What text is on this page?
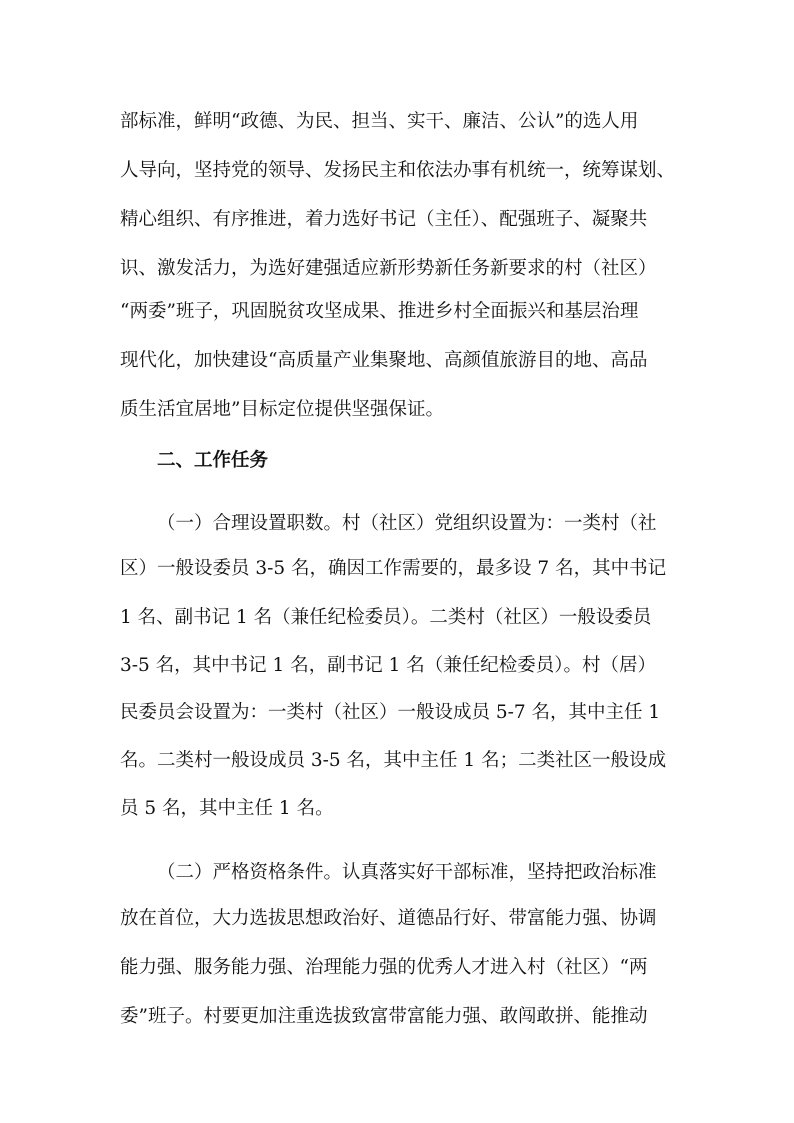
部标准，鲜明“政德、为民、担当、实干、廉洁、公认”的选人用
人导向，坚持党的领导、发扬民主和依法办事有机统一，统筹谋划、
精心组织、有序推进，着力选好书记（主任）、配强班子、凝聚共
识、激发活力，为选好建强适应新形势新任务新要求的村（社区）
“两委”班子，巩固脱贫攻坚成果、推进乡村全面振兴和基层治理
现代化，加快建设“高质量产业集聚地、高颜值旅游目的地、高品
质生活宜居地”目标定位提供坚强保证。
二、工作任务
（一）合理设置职数。村（社区）党组织设置为：一类村（社
区）一般设委员 3-5 名，确因工作需要的，最多设 7 名，其中书记
1 名、副书记 1 名（兼任纪检委员）。二类村（社区）一般设委员
3-5 名，其中书记 1 名，副书记 1 名（兼任纪检委员）。村（居）
民委员会设置为：一类村（社区）一般设成员 5-7 名，其中主任 1
名。二类村一般设成员 3-5 名，其中主任 1 名；二类社区一般设成
员 5 名，其中主任 1 名。
（二）严格资格条件。认真落实好干部标准，坚持把政治标准
放在首位，大力选拔思想政治好、道德品行好、带富能力强、协调
能力强、服务能力强、治理能力强的优秀人才进入村（社区）“两
委”班子。村要更加注重选拔致富带富能力强、敢闯敢拼、能推动
